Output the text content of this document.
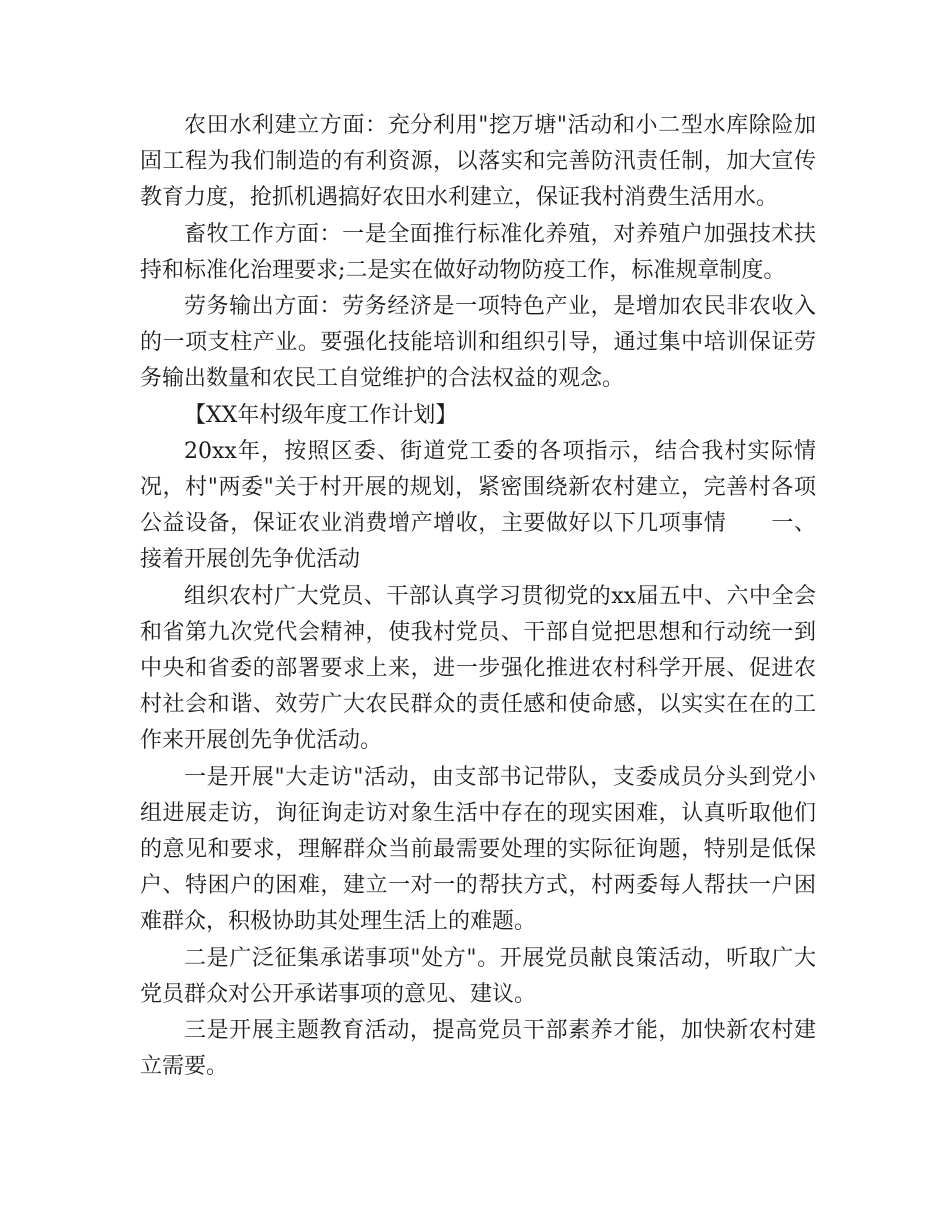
农田水利建立方面：充分利用"挖万塘"活动和小二型水库除险加固工程为我们制造的有利资源，以落实和完善防汛责任制，加大宣传教育力度，抢抓机遇搞好农田水利建立，保证我村消费生活用水。

畜牧工作方面：一是全面推行标准化养殖，对养殖户加强技术扶持和标准化治理要求;二是实在做好动物防疫工作，标准规章制度。

劳务输出方面：劳务经济是一项特色产业，是增加农民非农收入的一项支柱产业。要强化技能培训和组织引导，通过集中培训保证劳务输出数量和农民工自觉维护的合法权益的观念。

【XX年村级年度工作计划】

20xx年，按照区委、街道党工委的各项指示，结合我村实际情况，村"两委"关于村开展的规划，紧密围绕新农村建立，完善村各项公益设备，保证农业消费增产增收，主要做好以下几项事情　　一、接着开展创先争优活动

组织农村广大党员、干部认真学习贯彻党的xx届五中、六中全会和省第九次党代会精神，使我村党员、干部自觉把思想和行动统一到中央和省委的部署要求上来，进一步强化推进农村科学开展、促进农村社会和谐、效劳广大农民群众的责任感和使命感，以实实在在的工作来开展创先争优活动。

一是开展"大走访"活动，由支部书记带队，支委成员分头到党小组进展走访，询征询走访对象生活中存在的现实困难，认真听取他们的意见和要求，理解群众当前最需要处理的实际征询题，特别是低保户、特困户的困难，建立一对一的帮扶方式，村两委每人帮扶一户困难群众，积极协助其处理生活上的难题。

二是广泛征集承诺事项"处方"。开展党员献良策活动，听取广大党员群众对公开承诺事项的意见、建议。

三是开展主题教育活动，提高党员干部素养才能，加快新农村建立需要。
